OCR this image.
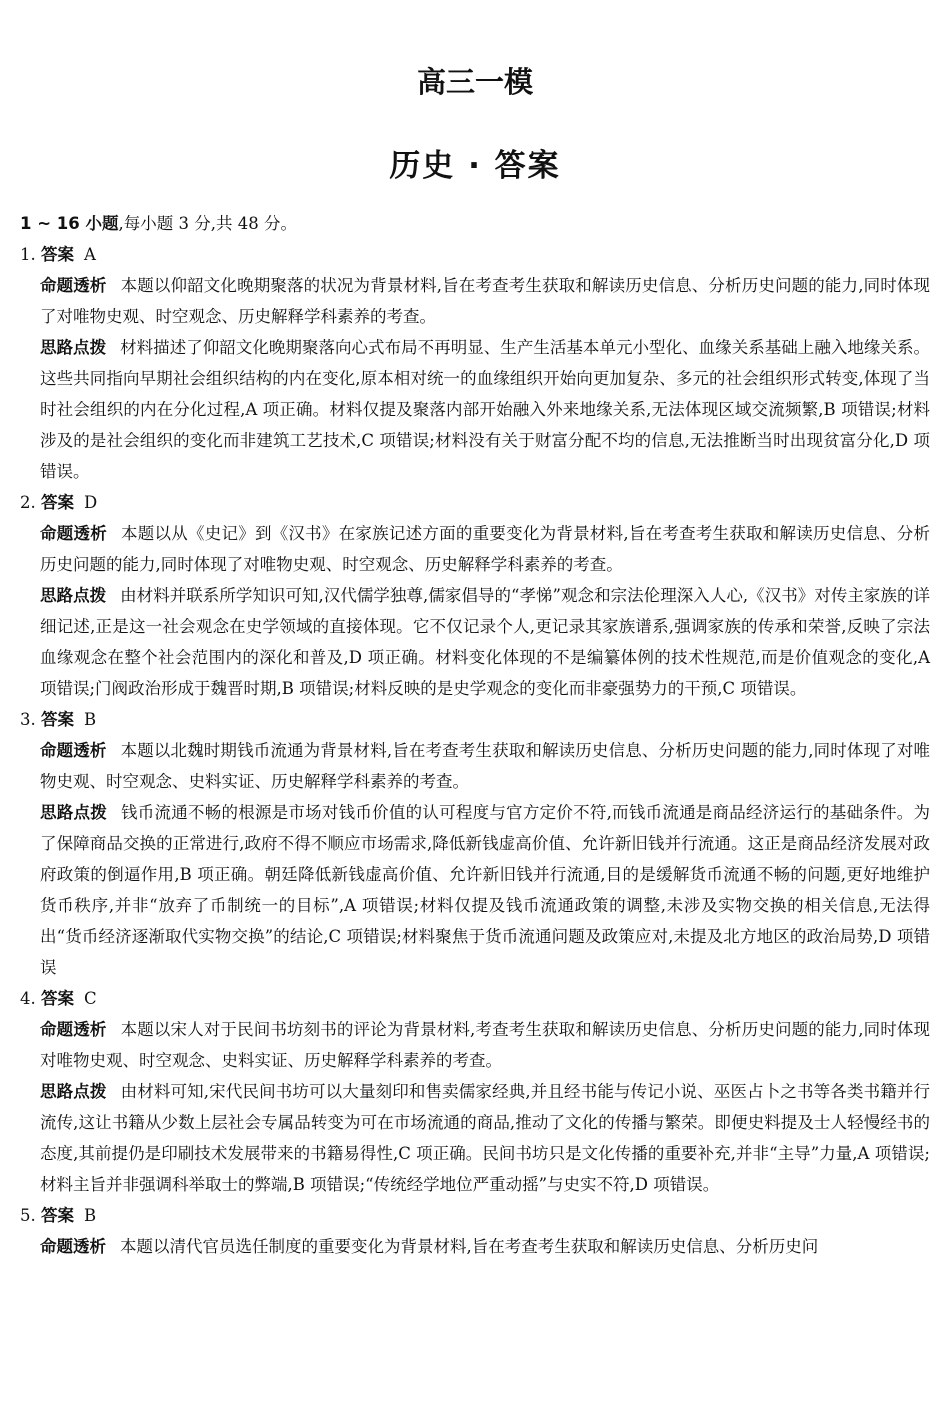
高三一模
历史 · 答案
1 ~ 16 小题,每小题 3 分,共 48 分。
1. 答案 A
命题透析 本题以仰韶文化晚期聚落的状况为背景材料,旨在考查考生获取和解读历史信息、分析历史问题的能力,同时体现了对唯物史观、时空观念、历史解释学科素养的考查。
思路点拨 材料描述了仰韶文化晚期聚落向心式布局不再明显、生产生活基本单元小型化、血缘关系基础上融入地缘关系。这些共同指向早期社会组织结构的内在变化,原本相对统一的血缘组织开始向更加复杂、多元的社会组织形式转变,体现了当时社会组织的内在分化过程,A 项正确。材料仅提及聚落内部开始融入外来地缘关系,无法体现区域交流频繁,B 项错误;材料涉及的是社会组织的变化而非建筑工艺技术,C 项错误;材料没有关于财富分配不均的信息,无法推断当时出现贫富分化,D 项错误。
2. 答案 D
命题透析 本题以从《史记》到《汉书》在家族记述方面的重要变化为背景材料,旨在考查考生获取和解读历史信息、分析历史问题的能力,同时体现了对唯物史观、时空观念、历史解释学科素养的考查。
思路点拨 由材料并联系所学知识可知,汉代儒学独尊,儒家倡导的“孝悌”观念和宗法伦理深入人心,《汉书》对传主家族的详细记述,正是这一社会观念在史学领域的直接体现。它不仅记录个人,更记录其家族谱系,强调家族的传承和荣誉,反映了宗法血缘观念在整个社会范围内的深化和普及,D 项正确。材料变化体现的不是编纂体例的技术性规范,而是价值观念的变化,A 项错误;门阀政治形成于魏晋时期,B 项错误;材料反映的是史学观念的变化而非豪强势力的干预,C 项错误。
3. 答案 B
命题透析 本题以北魏时期钱币流通为背景材料,旨在考查考生获取和解读历史信息、分析历史问题的能力,同时体现了对唯物史观、时空观念、史料实证、历史解释学科素养的考查。
思路点拨 钱币流通不畅的根源是市场对钱币价值的认可程度与官方定价不符,而钱币流通是商品经济运行的基础条件。为了保障商品交换的正常进行,政府不得不顺应市场需求,降低新钱虚高价值、允许新旧钱并行流通。这正是商品经济发展对政府政策的倒逼作用,B 项正确。朝廷降低新钱虚高价值、允许新旧钱并行流通,目的是缓解货币流通不畅的问题,更好地维护货币秩序,并非“放弃了币制统一的目标”,A 项错误;材料仅提及钱币流通政策的调整,未涉及实物交换的相关信息,无法得出“货币经济逐渐取代实物交换”的结论,C 项错误;材料聚焦于货币流通问题及政策应对,未提及北方地区的政治局势,D 项错误
4. 答案 C
命题透析 本题以宋人对于民间书坊刻书的评论为背景材料,考查考生获取和解读历史信息、分析历史问题的能力,同时体现对唯物史观、时空观念、史料实证、历史解释学科素养的考查。
思路点拨 由材料可知,宋代民间书坊可以大量刻印和售卖儒家经典,并且经书能与传记小说、巫医占卜之书等各类书籍并行流传,这让书籍从少数上层社会专属品转变为可在市场流通的商品,推动了文化的传播与繁荣。即便史料提及士人轻慢经书的态度,其前提仍是印刷技术发展带来的书籍易得性,C 项正确。民间书坊只是文化传播的重要补充,并非“主导”力量,A 项错误;材料主旨并非强调科举取士的弊端,B 项错误;“传统经学地位严重动摇”与史实不符,D 项错误。
5. 答案 B
命题透析 本题以清代官员选任制度的重要变化为背景材料,旨在考查考生获取和解读历史信息、分析历史问
